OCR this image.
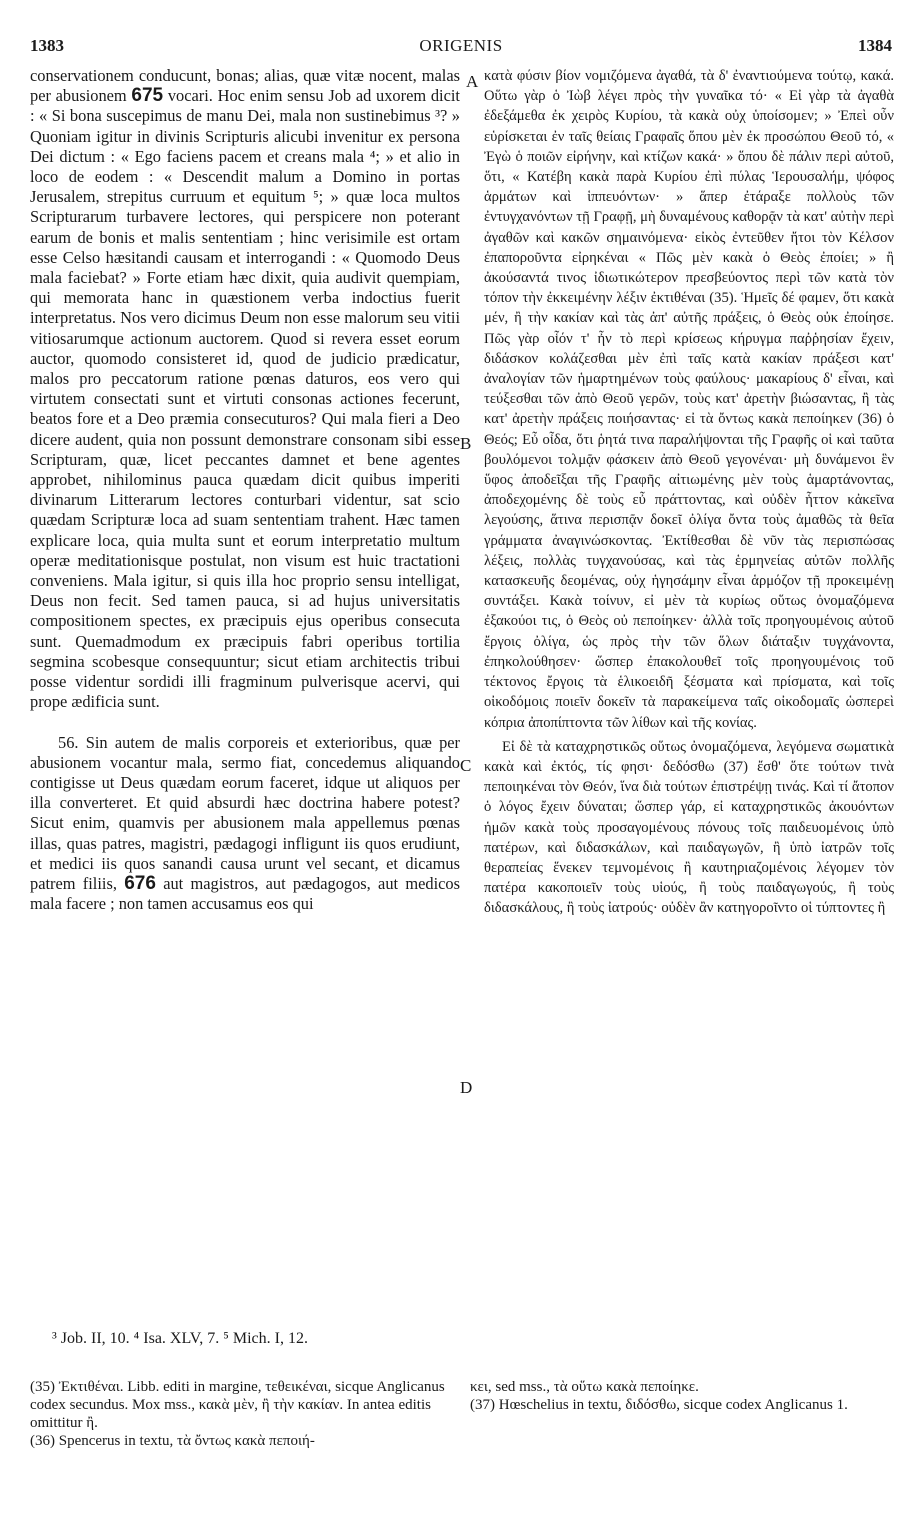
1383	ORIGENIS	1384

conservationem conducunt, bonas; alias, quæ vitæ nocent, malas per abusionem 675 vocari. Hoc enim sensu Job ad uxorem dicit : « Si bona suscepimus de manu Dei, mala non sustinebimus ³? » Quoniam igitur in divinis Scripturis alicubi invenitur ex persona Dei dictum : « Ego faciens pacem et creans mala ⁴; » et alio in loco de eodem : « Descendit malum a Domino in portas Jerusalem, strepitus curruum et equitum ⁵; » quæ loca multos Scripturarum turbavere lectores, qui perspicere non poterant earum de bonis et malis sententiam ; hinc verisimile est ortam esse Celso hæsitandi causam et interrogandi : « Quomodo Deus mala faciebat? » Forte etiam hæc dixit, quia audivit quempiam, qui memorata hanc in quæstionem verba indoctius fuerit interpretatus. Nos vero dicimus Deum non esse malorum seu vitii vitiosarumque actionum auctorem. Quod si revera esset eorum auctor, quomodo consisteret id, quod de judicio prædicatur, malos pro peccatorum ratione pœnas daturos, eos vero qui virtutem consectati sunt et virtuti consonas actiones fecerunt, beatos fore et a Deo præmia consecuturos? Qui mala fieri a Deo dicere audent, quia non possunt demonstrare consonam sibi esse Scripturam, quæ, licet peccantes damnet et bene agentes approbet, nihilominus pauca quædam dicit quibus imperiti divinarum Litterarum lectores conturbari videntur, sat scio quædam Scripturæ loca ad suam sententiam trahent. Hæc tamen explicare loca, quia multa sunt et eorum interpretatio multum operæ meditationisque postulat, non visum est huic tractationi conveniens. Mala igitur, si quis illa hoc proprio sensu intelligat, Deus non fecit. Sed tamen pauca, si ad hujus universitatis compositionem spectes, ex præcipuis ejus operibus consecuta sunt. Quemadmodum ex præcipuis fabri operibus tortilia segmina scobesque consequuntur; sicut etiam architectis tribui posse videntur sordidi illi fragminum pulverisque acervi, qui prope ædificia sunt.

56. Sin autem de malis corporeis et exterioribus, quæ per abusionem vocantur mala, sermo fiat, concedemus aliquando contigisse ut Deus quædam eorum faceret, idque ut aliquos per illa converteret. Et quid absurdi hæc doctrina habere potest? Sicut enim, quamvis per abusionem mala appellemus pœnas illas, quas patres, magistri, pædagogi infligunt iis quos erudiunt, et medici iis quos sanandi causa urunt vel secant, et dicamus patrem filiis, 676 aut magistros, aut pædagogos, aut medicos mala facere ; non tamen accusamus eos qui

A
B
C
D

κατὰ φύσιν βίον νομιζόμενα ἀγαθά, τὰ δ' ἐναντιούμενα τούτῳ, κακά. Οὕτω γὰρ ὁ Ἰὼβ λέγει πρὸς τὴν γυναῖκα τό· « Εἰ γὰρ τὰ ἀγαθὰ ἐδεξάμεθα ἐκ χειρὸς Κυρίου, τὰ κακὰ οὐχ ὑποίσομεν; » Ἐπεὶ οὖν εὑρίσκεται ἐν ταῖς θείαις Γραφαῖς ὅπου μὲν ἐκ προσώπου Θεοῦ τό, « Ἐγὼ ὁ ποιῶν εἰρήνην, καὶ κτίζων κακά· » ὅπου δὲ πάλιν περὶ αὐτοῦ, ὅτι, « Κατέβη κακὰ παρὰ Κυρίου ἐπὶ πύλας Ἱερουσαλήμ, ψόφος ἁρμάτων καὶ ἱππευόντων· » ἅπερ ἐτάραξε πολλοὺς τῶν ἐντυγχανόντων τῇ Γραφῇ, μὴ δυναμένους καθορᾷν τὰ κατ' αὐτὴν περὶ ἀγαθῶν καὶ κακῶν σημαινόμενα· εἰκὸς ἐντεῦθεν ἤτοι τὸν Κέλσον ἐπαποροῦντα εἰρηκέναι « Πῶς μὲν κακὰ ὁ Θεὸς ἐποίει; » ἢ ἀκούσαντά τινος ἰδιωτικώτερον πρεσβεύοντος περὶ τῶν κατὰ τὸν τόπον τὴν ἐκκειμένην λέξιν ἐκτιθέναι (35). Ἡμεῖς δέ φαμεν, ὅτι κακὰ μέν, ἢ τὴν κακίαν καὶ τὰς ἀπ' αὐτῆς πράξεις, ὁ Θεὸς οὐκ ἐποίησε. Πῶς γὰρ οἷόν τ' ἦν τὸ περὶ κρίσεως κήρυγμα παῤῥησίαν ἔχειν, διδάσκον κολάζεσθαι μὲν ἐπὶ ταῖς κατὰ κακίαν πράξεσι κατ' ἀναλογίαν τῶν ἡμαρτημένων τοὺς φαύλους· μακαρίους δ' εἶναι, καὶ τεύξεσθαι τῶν ἀπὸ Θεοῦ γερῶν, τοὺς κατ' ἀρετὴν βιώσαντας, ἢ τὰς κατ' ἀρετὴν πράξεις ποιήσαντας· εἰ τὰ ὄντως κακὰ πεποίηκεν (36) ὁ Θεός; Εὖ οἶδα, ὅτι ῥητά τινα παραλήψονται τῆς Γραφῆς οἱ καὶ ταῦτα βουλόμενοι τολμᾷν φάσκειν ἀπὸ Θεοῦ γεγονέναι· μὴ δυνάμενοι ἓν ὕφος ἀποδεῖξαι τῆς Γραφῆς αἰτιωμένης μὲν τοὺς ἁμαρτάνοντας, ἀποδεχομένης δὲ τοὺς εὖ πράττοντας, καὶ οὐδὲν ἧττον κἀκεῖνα λεγούσης, ἅτινα περισπᾷν δοκεῖ ὀλίγα ὄντα τοὺς ἀμαθῶς τὰ θεῖα γράμματα ἀναγινώσκοντας. Ἐκτίθεσθαι δὲ νῦν τὰς περισπώσας λέξεις, πολλὰς τυγχανούσας, καὶ τὰς ἑρμηνείας αὐτῶν πολλῆς κατασκευῆς δεομένας, οὐχ ἡγησάμην εἶναι ἁρμόζον τῇ προκειμένῃ συντάξει. Κακὰ τοίνυν, εἰ μὲν τὰ κυρίως οὕτως ὀνομαζόμενα ἐξακούοι τις, ὁ Θεὸς οὐ πεποίηκεν· ἀλλὰ τοῖς προηγουμένοις αὐτοῦ ἔργοις ὀλίγα, ὡς πρὸς τὴν τῶν ὅλων διάταξιν τυγχάνοντα, ἐπηκολούθησεν· ὥσπερ ἐπακολουθεῖ τοῖς προηγουμένοις τοῦ τέκτονος ἔργοις τὰ ἑλικοειδῆ ξέσματα καὶ πρίσματα, καὶ τοῖς οἰκοδόμοις ποιεῖν δοκεῖν τὰ παρακείμενα ταῖς οἰκοδομαῖς ὡσπερεὶ κόπρια ἀποπίπτοντα τῶν λίθων καὶ τῆς κονίας.

Εἰ δὲ τὰ καταχρηστικῶς οὕτως ὀνομαζόμενα, λεγόμενα σωματικὰ κακὰ καὶ ἐκτός, τίς φησι· δεδόσθω (37) ἔσθ' ὅτε τούτων τινὰ πεποιηκέναι τὸν Θεόν, ἵνα διὰ τούτων ἐπιστρέψῃ τινάς. Καὶ τί ἄτοπον ὁ λόγος ἔχειν δύναται; ὥσπερ γάρ, εἰ καταχρηστικῶς ἀκουόντων ἡμῶν κακὰ τοὺς προσαγομένους πόνους τοῖς παιδευομένοις ὑπὸ πατέρων, καὶ διδασκάλων, καὶ παιδαγωγῶν, ἢ ὑπὸ ἰατρῶν τοῖς θεραπείας ἕνεκεν τεμνομένοις ἢ καυτηριαζομένοις λέγομεν τὸν πατέρα κακοποιεῖν τοὺς υἱούς, ἢ τοὺς παιδαγωγούς, ἢ τοὺς διδασκάλους, ἢ τοὺς ἰατρούς· οὐδὲν ἂν κατηγοροῖντο οἱ τύπτοντες ἢ

³ Job. II, 10. ⁴ Isa. XLV, 7. ⁵ Mich. I, 12.

(35) Ἐκτιθέναι. Libb. editi in margine, τεθεικέναι, sicque Anglicanus codex secundus. Mox mss., κακὰ μὲν, ἢ τὴν κακίαν. In antea editis omittitur ἢ.

(36) Spencerus in textu, τὰ ὄντως κακὰ πεποιή-

κει, sed mss., τὰ οὕτω κακὰ πεποίηκε.

(37) Hœschelius in textu, διδόσθω, sicque codex Anglicanus 1.
